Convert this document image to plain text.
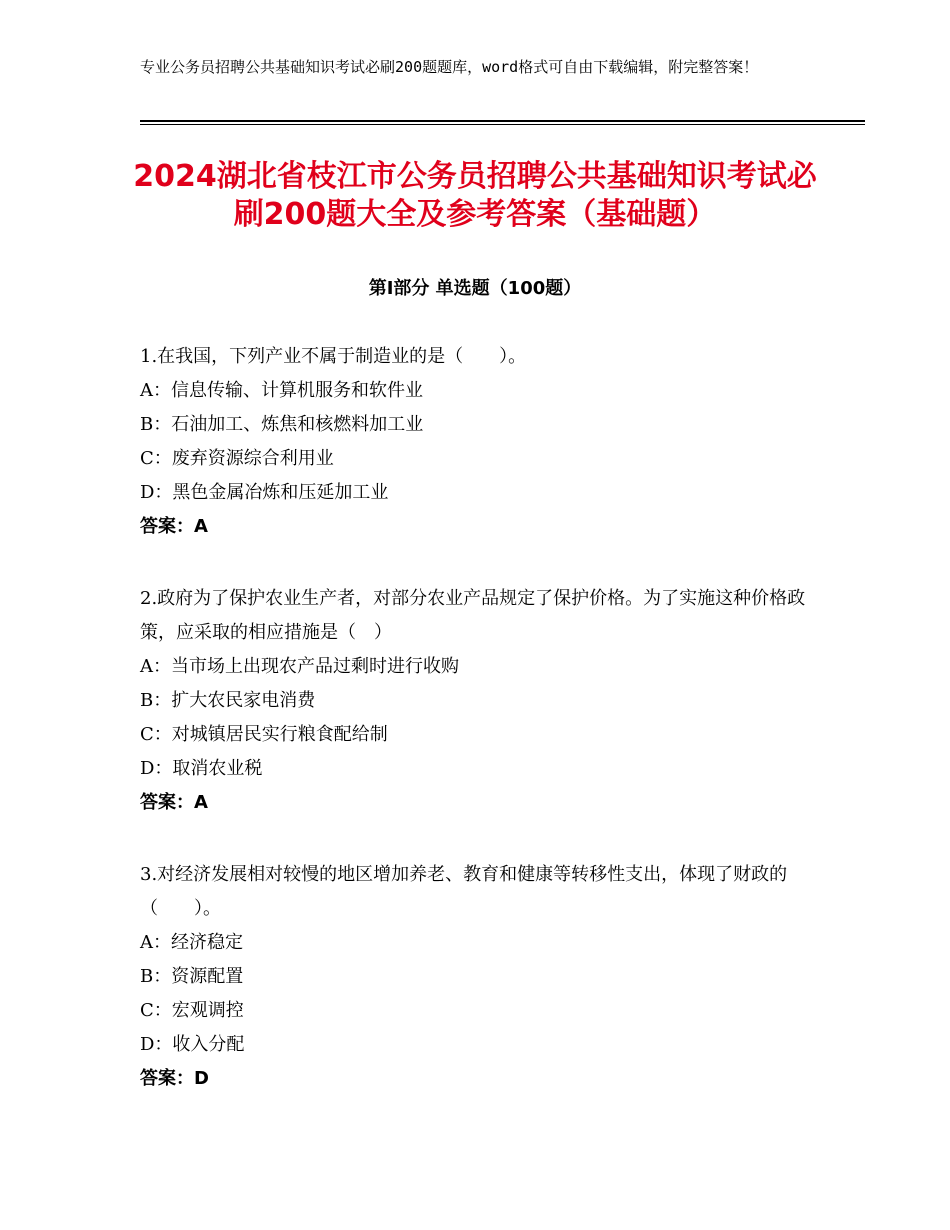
专业公务员招聘公共基础知识考试必刷200题题库，word格式可自由下载编辑，附完整答案！
2024湖北省枝江市公务员招聘公共基础知识考试必刷200题大全及参考答案（基础题）
第Ⅰ部分 单选题（100题）
1.在我国，下列产业不属于制造业的是（　　）。
A：信息传输、计算机服务和软件业
B：石油加工、炼焦和核燃料加工业
C：废弃资源综合利用业
D：黑色金属冶炼和压延加工业
答案：A
2.政府为了保护农业生产者，对部分农业产品规定了保护价格。为了实施这种价格政策，应采取的相应措施是（　）
A：当市场上出现农产品过剩时进行收购
B：扩大农民家电消费
C：对城镇居民实行粮食配给制
D：取消农业税
答案：A
3.对经济发展相对较慢的地区增加养老、教育和健康等转移性支出，体现了财政的（　　）。
A：经济稳定
B：资源配置
C：宏观调控
D：收入分配
答案：D
